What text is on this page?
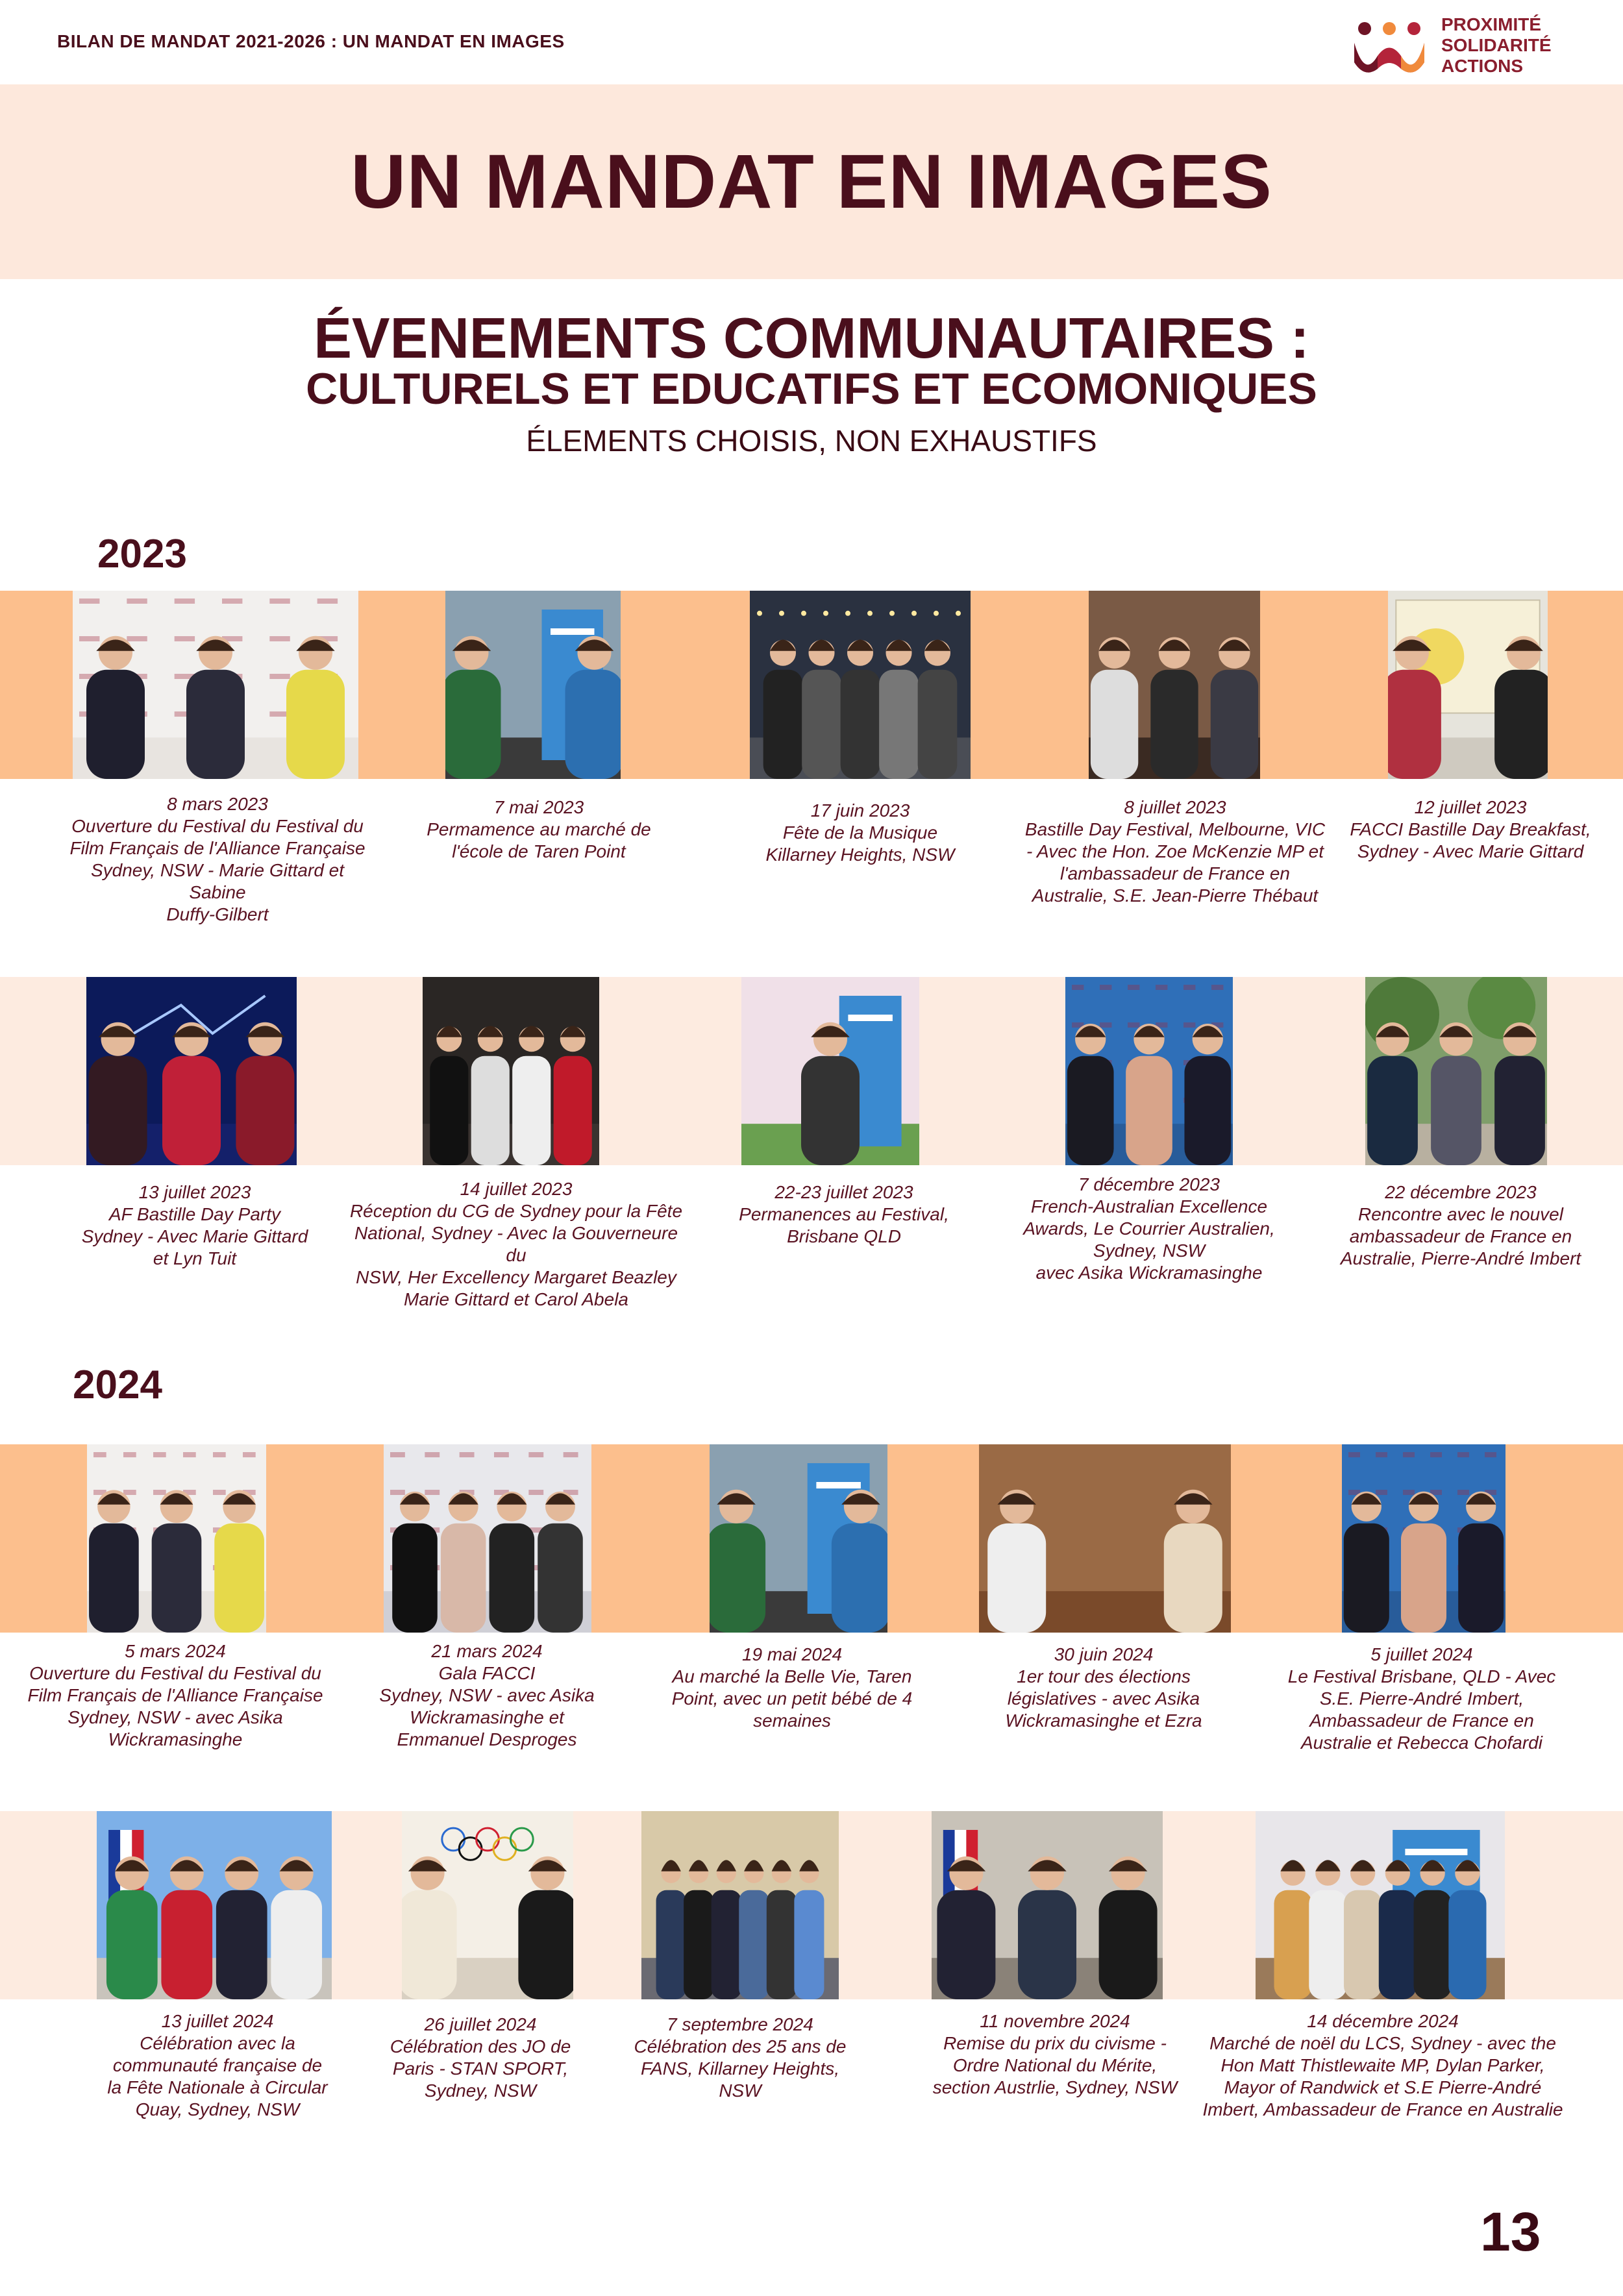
BILAN DE MANDAT 2021-2026 : UN MANDAT EN IMAGES
PROXIMITÉ
SOLIDARITÉ
ACTIONS
UN MANDAT EN IMAGES
ÉVENEMENTS COMMUNAUTAIRES :
CULTURELS ET EDUCATIFS ET ECOMONIQUES
ÉLEMENTS CHOISIS, NON EXHAUSTIFS
2023
2024
8 mars 2023
Ouverture du Festival du Festival du
Film Français de l'Alliance Française
Sydney, NSW - Marie Gittard et Sabine
Duffy-Gilbert
7 mai 2023
Permamence au marché de
l'école de Taren Point
17 juin 2023
Fête de la Musique
Killarney Heights, NSW
8 juillet 2023
Bastille Day Festival, Melbourne, VIC
- Avec the Hon. Zoe McKenzie MP et
l'ambassadeur de France en
Australie, S.E. Jean-Pierre Thébaut
12 juillet 2023
FACCI Bastille Day Breakfast,
Sydney - Avec Marie Gittard
13 juillet 2023
AF Bastille Day Party
Sydney - Avec Marie Gittard
et Lyn Tuit
14 juillet 2023
Réception du CG de Sydney pour la Fête
National, Sydney - Avec la Gouverneure du
NSW, Her Excellency Margaret Beazley
Marie Gittard et Carol Abela
22-23 juillet 2023
Permanences au Festival,
Brisbane QLD
7 décembre 2023
French-Australian Excellence
Awards, Le Courrier Australien,
Sydney, NSW
avec Asika Wickramasinghe
22 décembre 2023
Rencontre avec le nouvel
ambassadeur de France en
Australie, Pierre-André Imbert
5 mars 2024
Ouverture du Festival du Festival du
Film Français de l'Alliance Française
Sydney, NSW - avec Asika
Wickramasinghe
21 mars 2024
Gala FACCI
Sydney, NSW - avec Asika
Wickramasinghe et
Emmanuel Desproges
19 mai 2024
Au marché la Belle Vie, Taren
Point, avec un petit bébé de 4
semaines
30 juin 2024
1er tour des élections
législatives - avec Asika
Wickramasinghe et Ezra
5 juillet 2024
Le Festival Brisbane, QLD - Avec
S.E. Pierre-André Imbert,
Ambassadeur de France en
Australie et Rebecca Chofardi
13 juillet 2024
Célébration avec la
communauté française de
la Fête Nationale à Circular
Quay, Sydney, NSW
26 juillet 2024
Célébration des JO de
Paris - STAN SPORT,
Sydney, NSW
7 septembre 2024
Célébration des 25 ans de
FANS, Killarney Heights,
NSW
11 novembre 2024
Remise du prix du civisme -
Ordre National du Mérite,
section Austrlie, Sydney, NSW
14 décembre 2024
Marché de noël du LCS, Sydney - avec the
Hon Matt Thistlewaite MP, Dylan Parker,
Mayor of Randwick et S.E Pierre-André
Imbert, Ambassadeur de France en Australie
13
